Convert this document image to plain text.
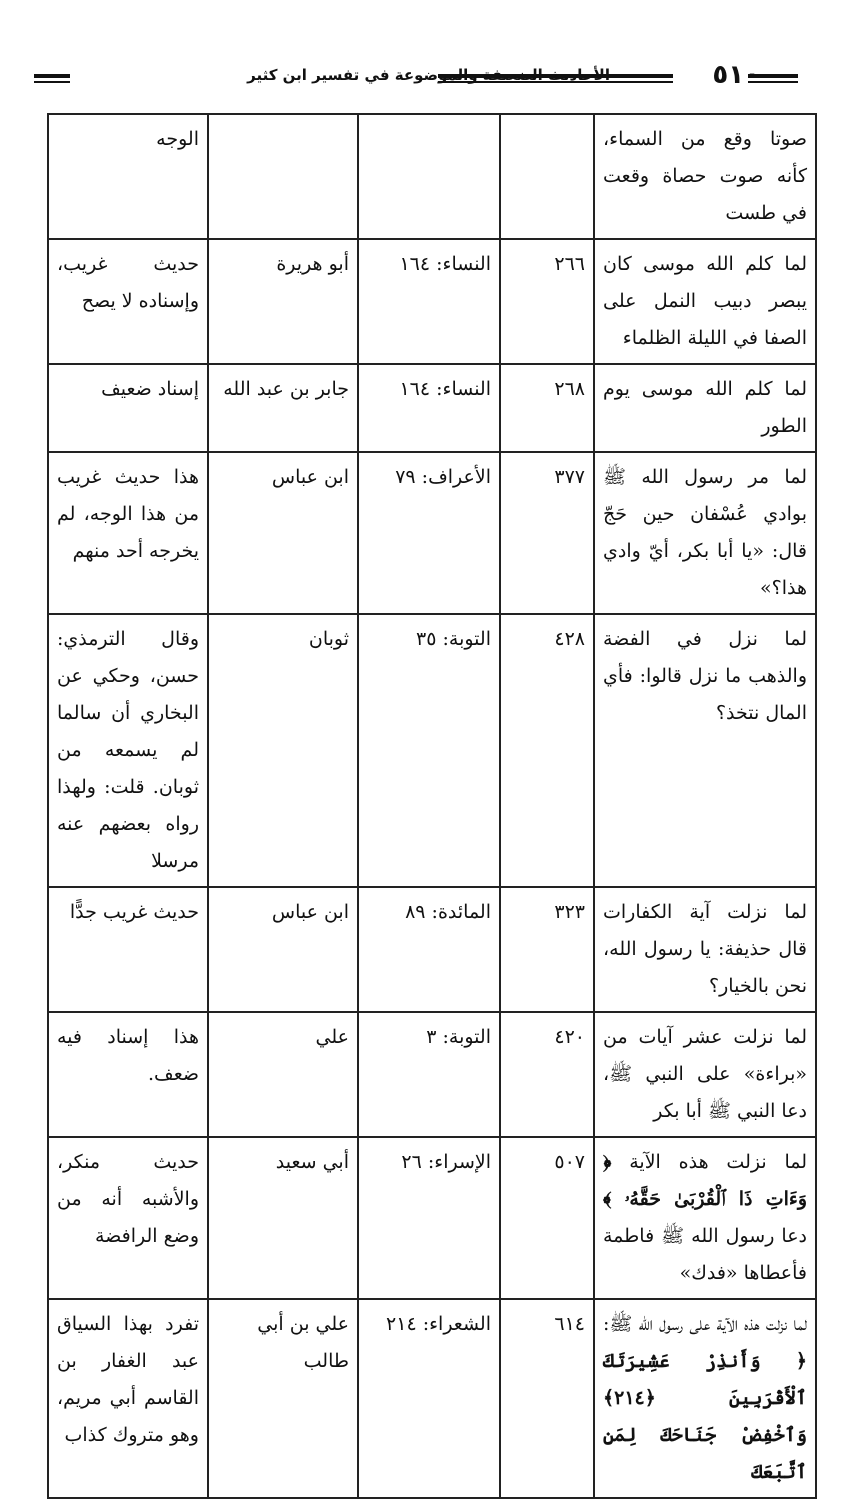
٥١٠
الأحاديث الضعيفة والموضوعة في تفسير ابن كثير
صوتا وقع من السماء، كأنه صوت حصاة وقعت في طست				الوجه
لما كلم الله موسى كان يبصر دبيب النمل على الصفا في الليلة الظلماء	٢٦٦	النساء: ١٦٤	أبو هريرة	حديث غريب، وإسناده لا يصح
لما كلم الله موسى يوم الطور	٢٦٨	النساء: ١٦٤	جابر بن عبد الله	إسناد ضعيف
لما مر رسول الله ﷺ بوادي عُسْفان حين حَجّ قال: «يا أبا بكر، أيّ وادي هذا؟»	٣٧٧	الأعراف: ٧٩	ابن عباس	هذا حديث غريب من هذا الوجه، لم يخرجه أحد منهم
لما نزل في الفضة والذهب ما نزل قالوا: فأي المال نتخذ؟	٤٢٨	التوبة: ٣٥	ثوبان	وقال الترمذي: حسن، وحكي عن البخاري أن سالما لم يسمعه من ثوبان. قلت: ولهذا رواه بعضهم عنه مرسلا
لما نزلت آية الكفارات قال حذيفة: يا رسول الله، نحن بالخيار؟	٣٢٣	المائدة: ٨٩	ابن عباس	حديث غريب جدًّا
لما نزلت عشر آيات من «براءة» على النبي ﷺ، دعا النبي ﷺ أبا بكر	٤٢٠	التوبة: ٣	علي	هذا إسناد فيه ضعف.
لما نزلت هذه الآية ﴿ وَءَاتِ ذَا ٱلْقُرْبَىٰ حَقَّهُۥ ﴾ دعا رسول الله ﷺ فاطمة فأعطاها «فدك»	٥٠٧	الإسراء: ٢٦	أبي سعيد	حديث منكر، والأشبه أنه من وضع الرافضة
لما نزلت هذه الآية على رسول الله ﷺ: ﴿ وَأَنذِرْ عَشِيرَتَكَ ٱلْأَقْرَبِينَ ﴿٢١٤﴾ وَٱخْفِضْ جَنَاحَكَ لِمَنِ ٱتَّبَعَكَ	٦١٤	الشعراء: ٢١٤	علي بن أبي طالب	تفرد بهذا السياق عبد الغفار بن القاسم أبي مريم، وهو متروك كذاب
